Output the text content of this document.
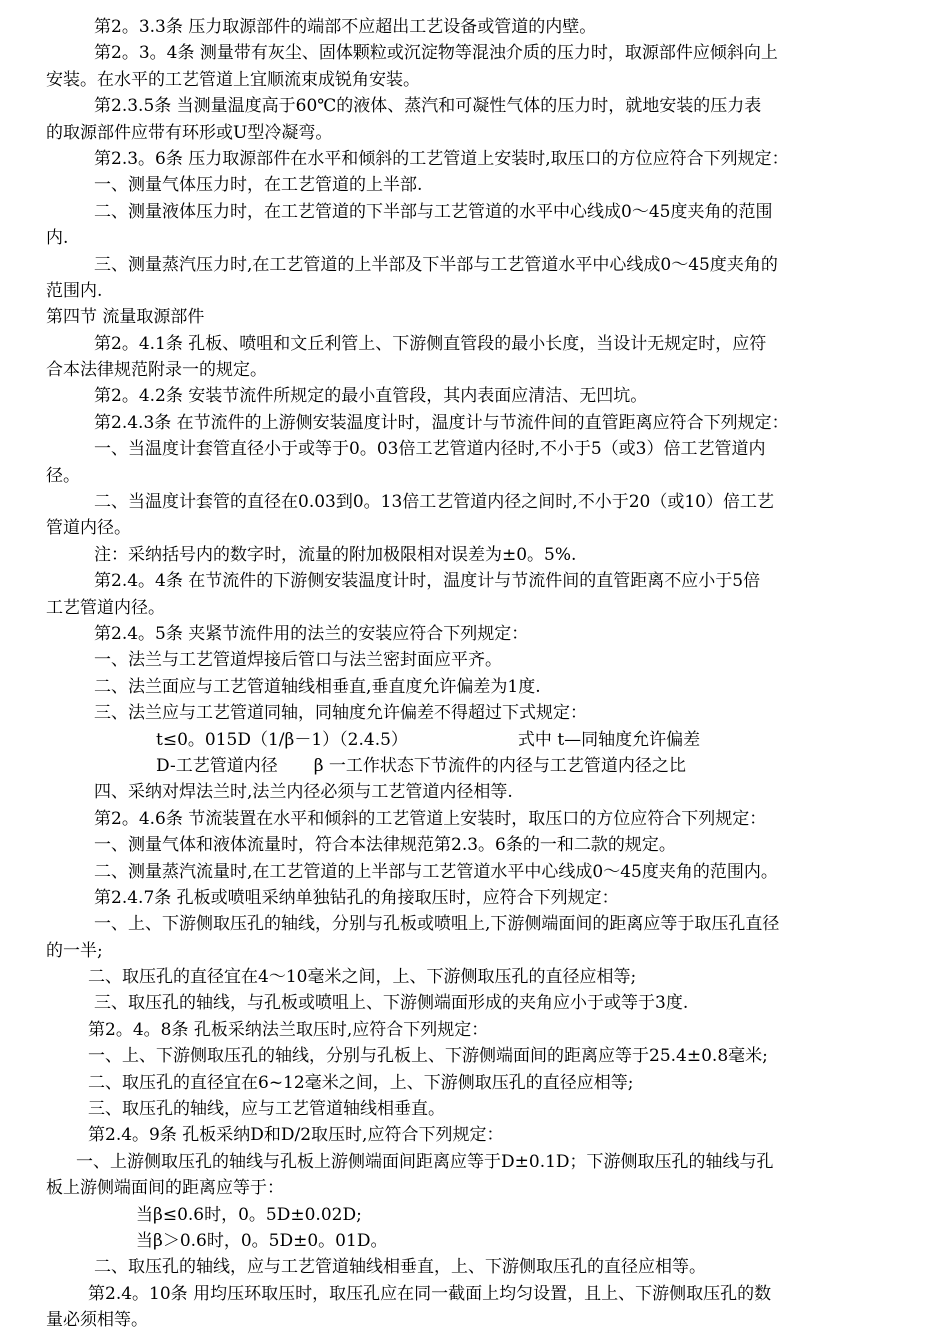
第2。3.3条 压力取源部件的端部不应超出工艺设备或管道的内壁。
第2。3。4条 测量带有灰尘、固体颗粒或沉淀物等混浊介质的压力时，取源部件应倾斜向上
安装。在水平的工艺管道上宜顺流束成锐角安装。
第2.3.5条 当测量温度高于60℃的液体、蒸汽和可凝性气体的压力时，就地安装的压力表
的取源部件应带有环形或U型冷凝弯。
第2.3。6条 压力取源部件在水平和倾斜的工艺管道上安装时,取压口的方位应符合下列规定：
一、测量气体压力时，在工艺管道的上半部.
二、测量液体压力时，在工艺管道的下半部与工艺管道的水平中心线成0～45度夹角的范围
内.
三、测量蒸汽压力时,在工艺管道的上半部及下半部与工艺管道水平中心线成0～45度夹角的
范围内.
第四节 流量取源部件
第2。4.1条 孔板、喷咀和文丘利管上、下游侧直管段的最小长度，当设计无规定时，应符
合本法律规范附录一的规定。
第2。4.2条 安装节流件所规定的最小直管段，其内表面应清洁、无凹坑。
第2.4.3条 在节流件的上游侧安装温度计时，温度计与节流件间的直管距离应符合下列规定：
一、当温度计套管直径小于或等于0。03倍工艺管道内径时,不小于5（或3）倍工艺管道内
径。
二、当温度计套管的直径在0.03到0。13倍工艺管道内径之间时,不小于20（或10）倍工艺
管道内径。
注：采纳括号内的数字时，流量的附加极限相对误差为±0。5%.
第2.4。4条 在节流件的下游侧安装温度计时，温度计与节流件间的直管距离不应小于5倍
工艺管道内径。
第2.4。5条 夹紧节流件用的法兰的安装应符合下列规定：
一、法兰与工艺管道焊接后管口与法兰密封面应平齐。
二、法兰面应与工艺管道轴线相垂直,垂直度允许偏差为1度.
三、法兰应与工艺管道同轴，同轴度允许偏差不得超过下式规定：
t≤0。015D（1/β－1）（2.4.5）	式中 t—同轴度允许偏差
D-工艺管道内径 β 一工作状态下节流件的内径与工艺管道内径之比
四、采纳对焊法兰时,法兰内径必须与工艺管道内径相等.
第2。4.6条 节流装置在水平和倾斜的工艺管道上安装时，取压口的方位应符合下列规定：
一、测量气体和液体流量时，符合本法律规范第2.3。6条的一和二款的规定。
二、测量蒸汽流量时,在工艺管道的上半部与工艺管道水平中心线成0～45度夹角的范围内。
第2.4.7条 孔板或喷咀采纳单独钻孔的角接取压时，应符合下列规定：
一、上、下游侧取压孔的轴线，分别与孔板或喷咀上,下游侧端面间的距离应等于取压孔直径
的一半;
二、取压孔的直径宜在4～10毫米之间，上、下游侧取压孔的直径应相等;
三、取压孔的轴线，与孔板或喷咀上、下游侧端面形成的夹角应小于或等于3度.
第2。4。8条 孔板采纳法兰取压时,应符合下列规定：
一、上、下游侧取压孔的轴线，分别与孔板上、下游侧端面间的距离应等于25.4±0.8毫米;
二、取压孔的直径宜在6~12毫米之间，上、下游侧取压孔的直径应相等;
三、取压孔的轴线，应与工艺管道轴线相垂直。
第2.4。9条 孔板采纳D和D/2取压时,应符合下列规定：
一、上游侧取压孔的轴线与孔板上游侧端面间距离应等于D±0.1D；下游侧取压孔的轴线与孔
板上游侧端面间的距离应等于：
当β≤0.6时，0。5D±0.02D;
当β＞0.6时，0。5D±0。01D。
二、取压孔的轴线，应与工艺管道轴线相垂直，上、下游侧取压孔的直径应相等。
第2.4。10条 用均压环取压时，取压孔应在同一截面上均匀设置，且上、下游侧取压孔的数
量必须相等。
